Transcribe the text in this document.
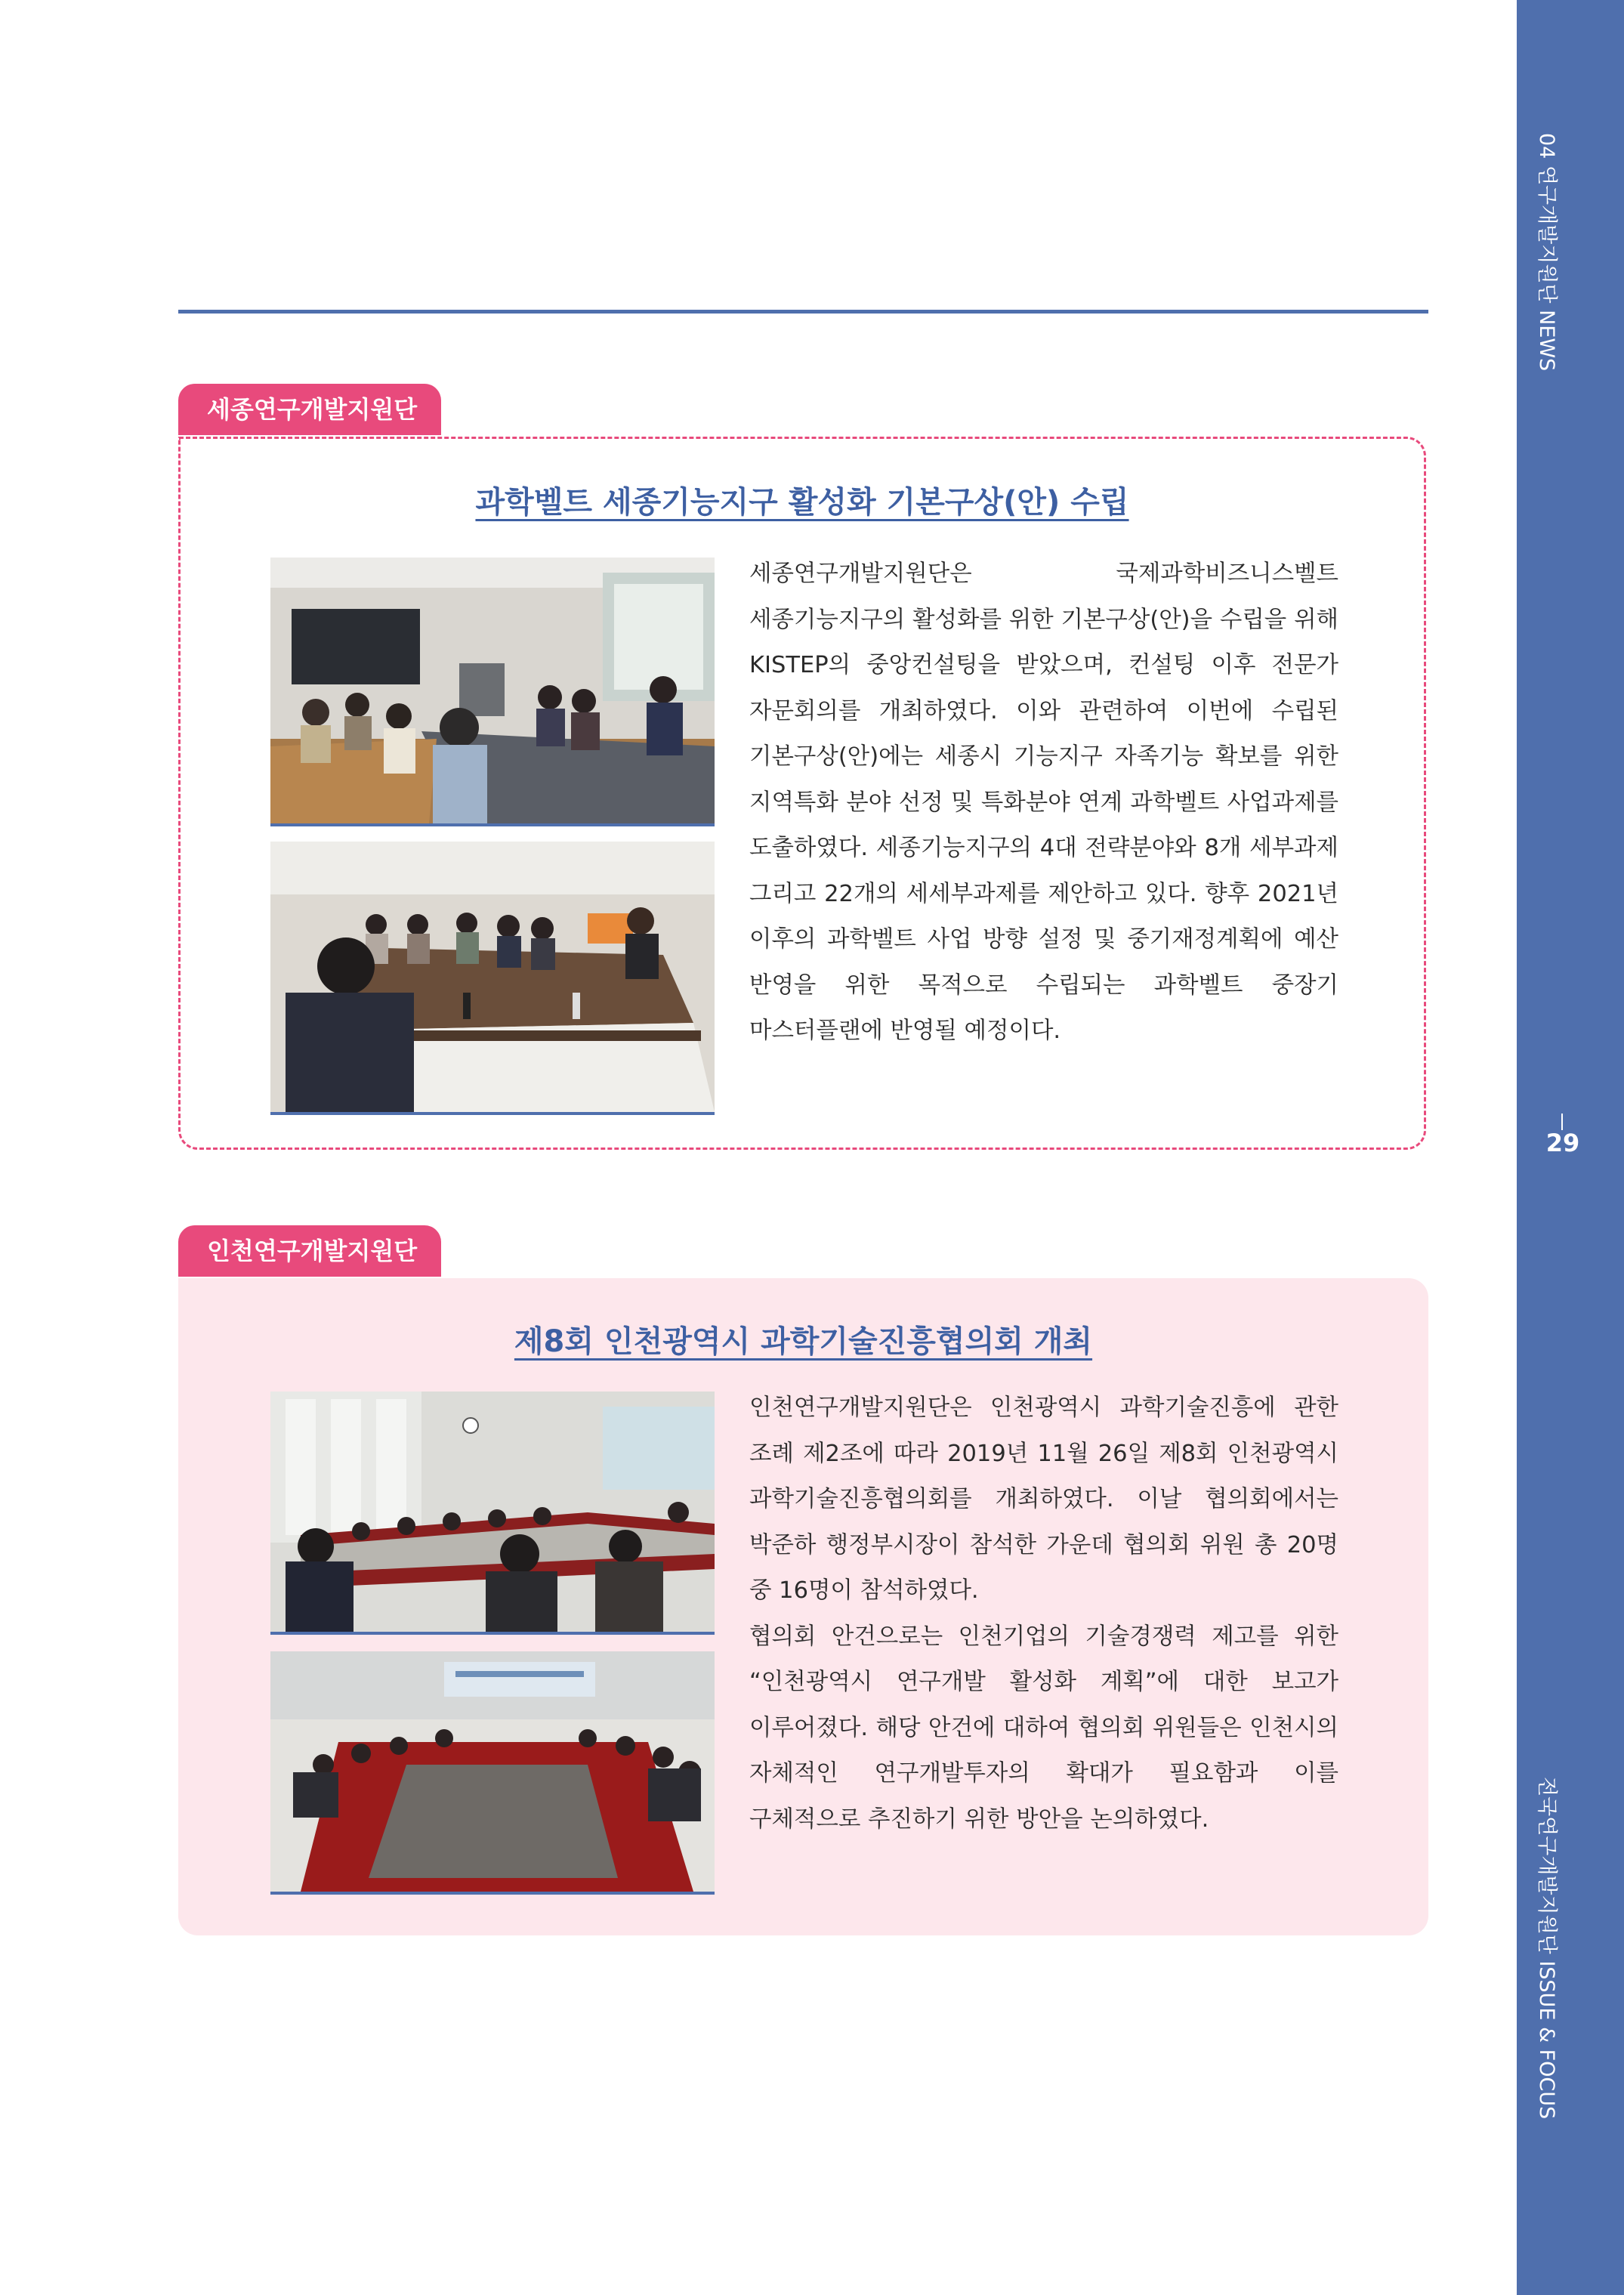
04 연구개발지원단 NEWS
29
전국연구개발지원단 ISSUE & FOCUS
세종연구개발지원단
과학벨트 세종기능지구 활성화 기본구상(안) 수립

세종연구개발지원단은 국제과학비즈니스벨트 세종기능지구의 활성화를 위한 기본구상(안)을 수립을 위해 KISTEP의 중앙컨설팅을 받았으며, 컨설팅 이후 전문가 자문회의를 개최하였다. 이와 관련하여 이번에 수립된 기본구상(안)에는 세종시 기능지구 자족기능 확보를 위한 지역특화 분야 선정 및 특화분야 연계 과학벨트 사업과제를 도출하였다. 세종기능지구의 4대 전략분야와 8개 세부과제 그리고 22개의 세세부과제를 제안하고 있다. 향후 2021년 이후의 과학벨트 사업 방향 설정 및 중기재정계획에 예산 반영을 위한 목적으로 수립되는 과학벨트 중장기 마스터플랜에 반영될 예정이다.

인천연구개발지원단
제8회 인천광역시 과학기술진흥협의회 개최

인천연구개발지원단은 인천광역시 과학기술진흥에 관한 조례 제2조에 따라 2019년 11월 26일 제8회 인천광역시 과학기술진흥협의회를 개최하였다. 이날 협의회에서는 박준하 행정부시장이 참석한 가운데 협의회 위원 총 20명 중 16명이 참석하였다.

협의회 안건으로는 인천기업의 기술경쟁력 제고를 위한 “인천광역시 연구개발 활성화 계획”에 대한 보고가 이루어졌다. 해당 안건에 대하여 협의회 위원들은 인천시의 자체적인 연구개발투자의 확대가 필요함과 이를 구체적으로 추진하기 위한 방안을 논의하였다.
